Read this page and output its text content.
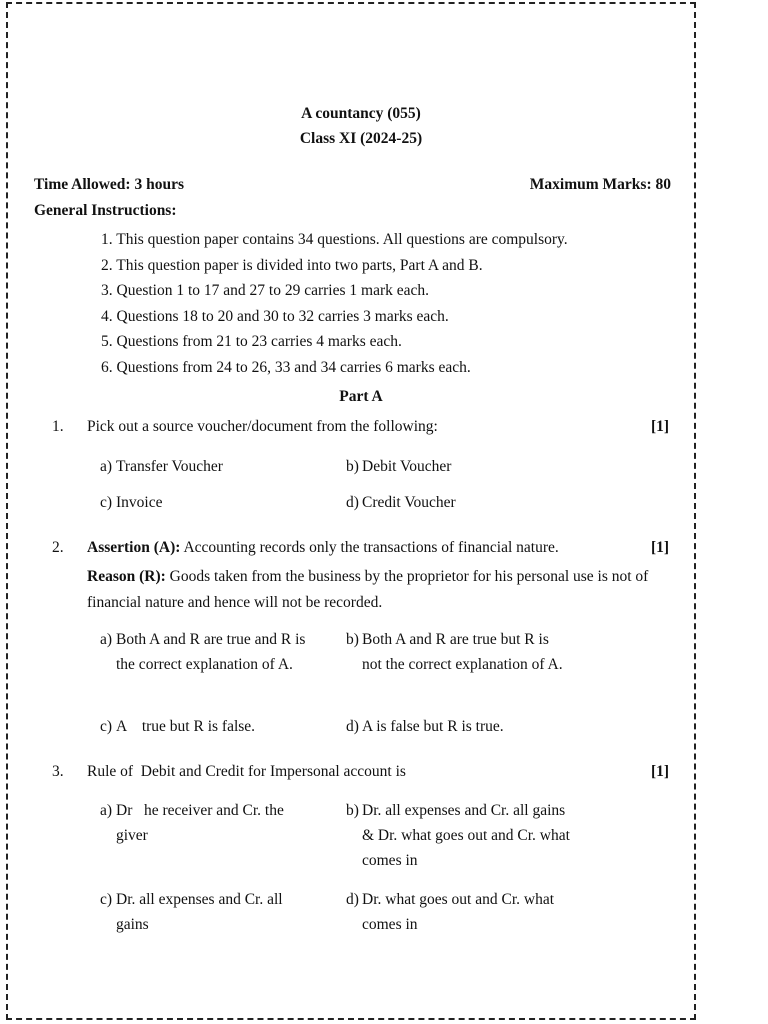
A countancy (055)
Class XI (2024-25)
Time Allowed: 3 hours	Maximum Marks: 80
General Instructions:
1. This question paper contains 34 questions. All questions are compulsory.
2. This question paper is divided into two parts, Part A and B.
3. Question 1 to 17 and 27 to 29 carries 1 mark each.
4. Questions 18 to 20 and 30 to 32 carries 3 marks each.
5. Questions from 21 to 23 carries 4 marks each.
6. Questions from 24 to 26, 33 and 34 carries 6 marks each.
Part A
1. Pick out a source voucher/document from the following:	[1]
a) Transfer Voucher	b) Debit Voucher
c) Invoice	d) Credit Voucher
2. Assertion (A): Accounting records only the transactions of financial nature.	[1]
Reason (R): Goods taken from the business by the proprietor for his personal use is not of financial nature and hence will not be recorded.
a) Both A and R are true and R is the correct explanation of A.
b) Both A and R are true but R is not the correct explanation of A.
c) A    true but R is false.	d) A is false but R is true.
3. Rule of  Debit and Credit for Impersonal account is	[1]
a) Dr   he receiver and Cr. the giver
b) Dr. all expenses and Cr. all gains & Dr. what goes out and Cr. what comes in
c) Dr. all expenses and Cr. all gains
d) Dr. what goes out and Cr. what comes in
